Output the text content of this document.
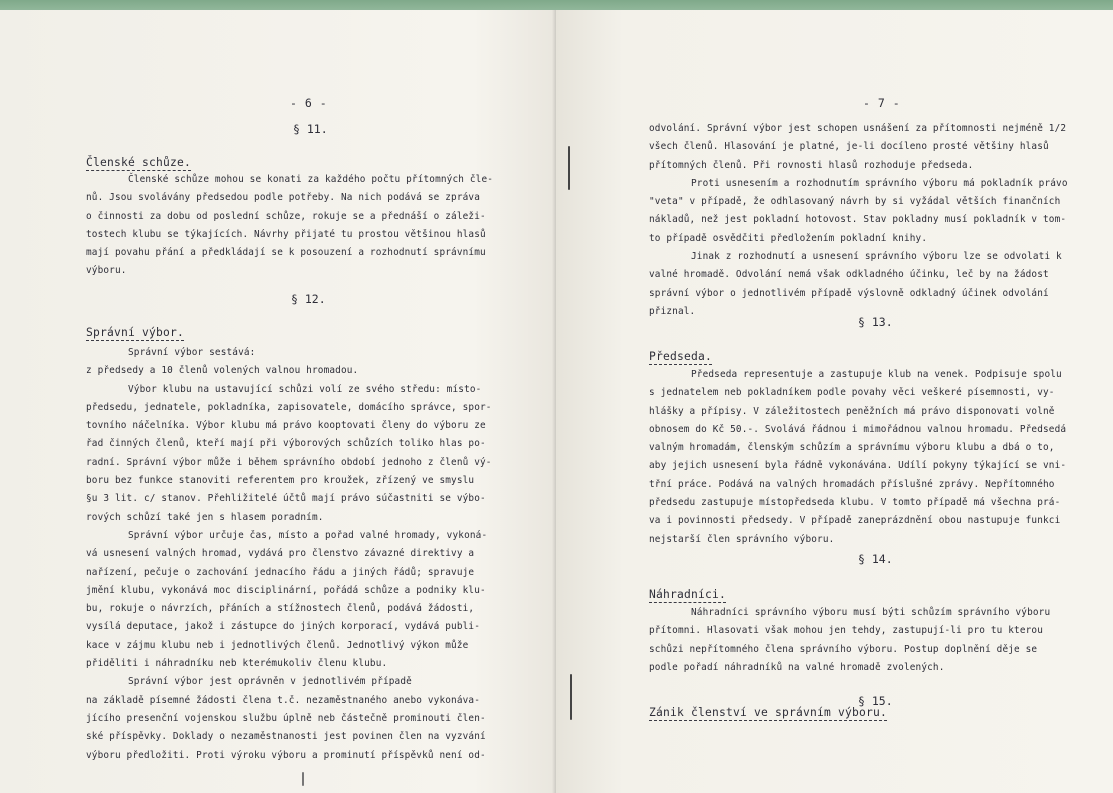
- 6 -
§ 11.
Členské schůze.
Členské schůze mohou se konati za každého počtu přítomných čle-
nů. Jsou svolávány předsedou podle potřeby. Na nich podává se zpráva
o činnosti za dobu od poslední schůze, rokuje se a přednáší o záleži-
tostech klubu se týkajících. Návrhy přijaté tu prostou většinou hlasů
mají povahu přání a předkládají se k posouzení a rozhodnutí správnímu
výboru.
§ 12.
Správní výbor.
Správní výbor sestává:
z předsedy a 10 členů volených valnou hromadou.
Výbor klubu na ustavující schůzi volí ze svého středu: místo-
předsedu, jednatele, pokladníka, zapisovatele, domácího správce, spor-
tovního náčelníka. Výbor klubu má právo kooptovati členy do výboru ze
řad činných členů, kteří mají při výborových schůzích toliko hlas po-
radní. Správní výbor může i během správního období jednoho z členů vý-
boru bez funkce stanoviti referentem pro kroužek, zřízený ve smyslu
§u 3 lit. c/ stanov. Přehližitelé účtů mají právo súčastniti se výbo-
rových schůzí také jen s hlasem poradním.
Správní výbor určuje čas, místo a pořad valné hromady, vykoná-
vá usnesení valných hromad, vydává pro členstvo závazné direktivy a
nařízení, pečuje o zachování jednacího řádu a jiných řádů; spravuje
jmění klubu, vykonává moc disciplinární, pořádá schůze a podniky klu-
bu, rokuje o návrzích, přáních a stížnostech členů, podává žádosti,
vysílá deputace, jakož i zástupce do jiných korporací, vydává publi-
kace v zájmu klubu neb i jednotlivých členů. Jednotlivý výkon může
přiděliti i náhradníku neb kterémukoliv členu klubu.
Správní výbor jest oprávněn v jednotlivém případě
na základě písemné žádosti člena t.č. nezaměstnaného anebo vykonáva-
jícího presenční vojenskou službu úplně neb částečně prominouti člen-
ské příspěvky. Doklady o nezaměstnanosti jest povinen člen na vyzvání
výboru předložiti. Proti výroku výboru a prominutí příspěvků není od-
- 7 -
odvolání. Správní výbor jest schopen usnášení za přítomnosti nejméně 1/2
všech členů. Hlasování je platné, je-li docíleno prosté většiny hlasů
přítomných členů. Při rovnosti hlasů rozhoduje předseda.
Proti usnesením a rozhodnutím správního výboru má pokladník právo
"veta" v případě, že odhlasovaný návrh by si vyžádal větších finančních
nákladů, než jest pokladní hotovost. Stav pokladny musí pokladník v tom-
to případě osvědčiti předložením pokladní knihy.
Jinak z rozhodnutí a usnesení správního výboru lze se odvolati k
valné hromadě. Odvolání nemá však odkladného účinku, leč by na žádost
správní výbor o jednotlivém případě výslovně odkladný účinek odvolání
přiznal.
§ 13.
Předseda.
Předseda representuje a zastupuje klub na venek. Podpisuje spolu
s jednatelem neb pokladníkem podle povahy věci veškeré písemnosti, vy-
hlášky a přípisy. V záležitostech peněžních má právo disponovati volně
obnosem do Kč 50.-. Svolává řádnou i mimořádnou valnou hromadu. Předsedá
valným hromadám, členským schůzím a správnímu výboru klubu a dbá o to,
aby jejich usnesení byla řádně vykonávána. Udílí pokyny týkající se vni-
třní práce. Podává na valných hromadách příslušné zprávy. Nepřítomného
předsedu zastupuje místopředseda klubu. V tomto případě má všechna prá-
va i povinnosti předsedy. V případě zaneprázdnění obou nastupuje funkci
nejstarší člen správního výboru.
§ 14.
Náhradníci.
Náhradníci správního výboru musí býti schůzím správního výboru
přítomni. Hlasovati však mohou jen tehdy, zastupují-li pro tu kterou
schůzi nepřítomného člena správního výboru. Postup doplnění děje se
podle pořadí náhradníků na valné hromadě zvolených.
§ 15.
Zánik členství ve správním výboru.
